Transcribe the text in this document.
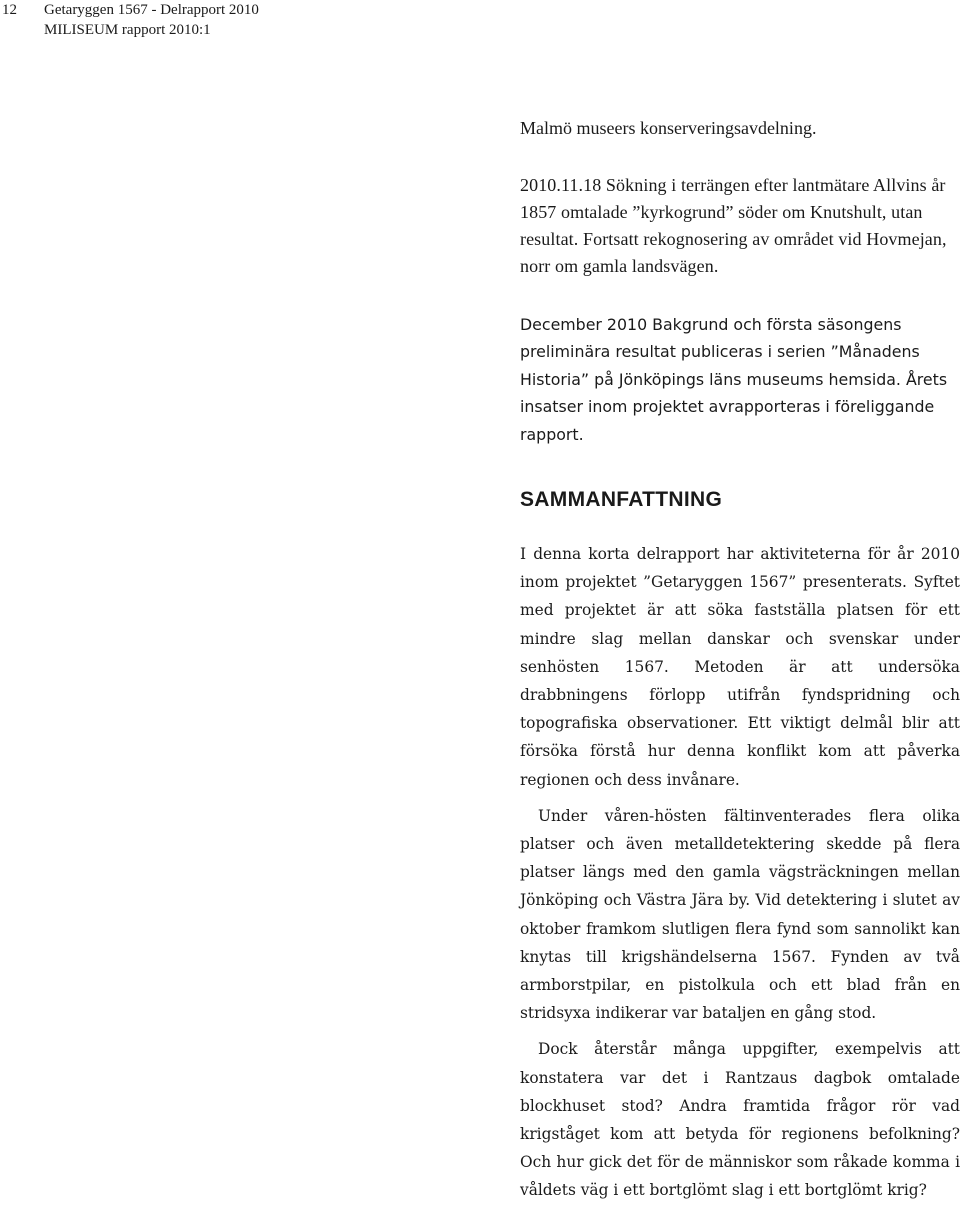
12 Getaryggen 1567 - Delrapport 2010
MILISEUM rapport 2010:1

Malmö museers konserveringsavdelning.

2010.11.18 Sökning i terrängen efter lantmätare Allvins år 1857 omtalade ”kyrkogrund” söder om Knutshult, utan resultat. Fortsatt rekognosering av området vid Hovmejan, norr om gamla landsvägen.

December 2010 Bakgrund och första säsongens preliminära resultat publiceras i serien ”Månadens Historia” på Jönköpings läns museums hemsida. Årets insatser inom projektet avrapporteras i föreliggande rapport.

SAMMANFATTNING

I denna korta delrapport har aktiviteterna för år 2010 inom projektet ”Getaryggen 1567” presenterats. Syftet med projektet är att söka fastställa platsen för ett mindre slag mellan danskar och svenskar under senhösten 1567. Metoden är att undersöka drabbningens förlopp utifrån fyndspridning och topografiska observationer. Ett viktigt delmål blir att försöka förstå hur denna konflikt kom att påverka regionen och dess invånare.

Under våren-hösten fältinventerades flera olika platser och även metalldetektering skedde på flera platser längs med den gamla vägsträckningen mellan Jönköping och Västra Jära by. Vid detektering i slutet av oktober framkom slutligen flera fynd som sannolikt kan knytas till krigshändelserna 1567. Fynden av två armborstpilar, en pistolkula och ett blad från en stridsyxa indikerar var bataljen en gång stod.

Dock återstår många uppgifter, exempelvis att konstatera var det i Rantzaus dagbok omtalade blockhuset stod? Andra framtida frågor rör vad krigståget kom att betyda för regionens befolkning? Och hur gick det för de människor som råkade komma i våldets väg i ett bortglömt slag i ett bortglömt krig?
